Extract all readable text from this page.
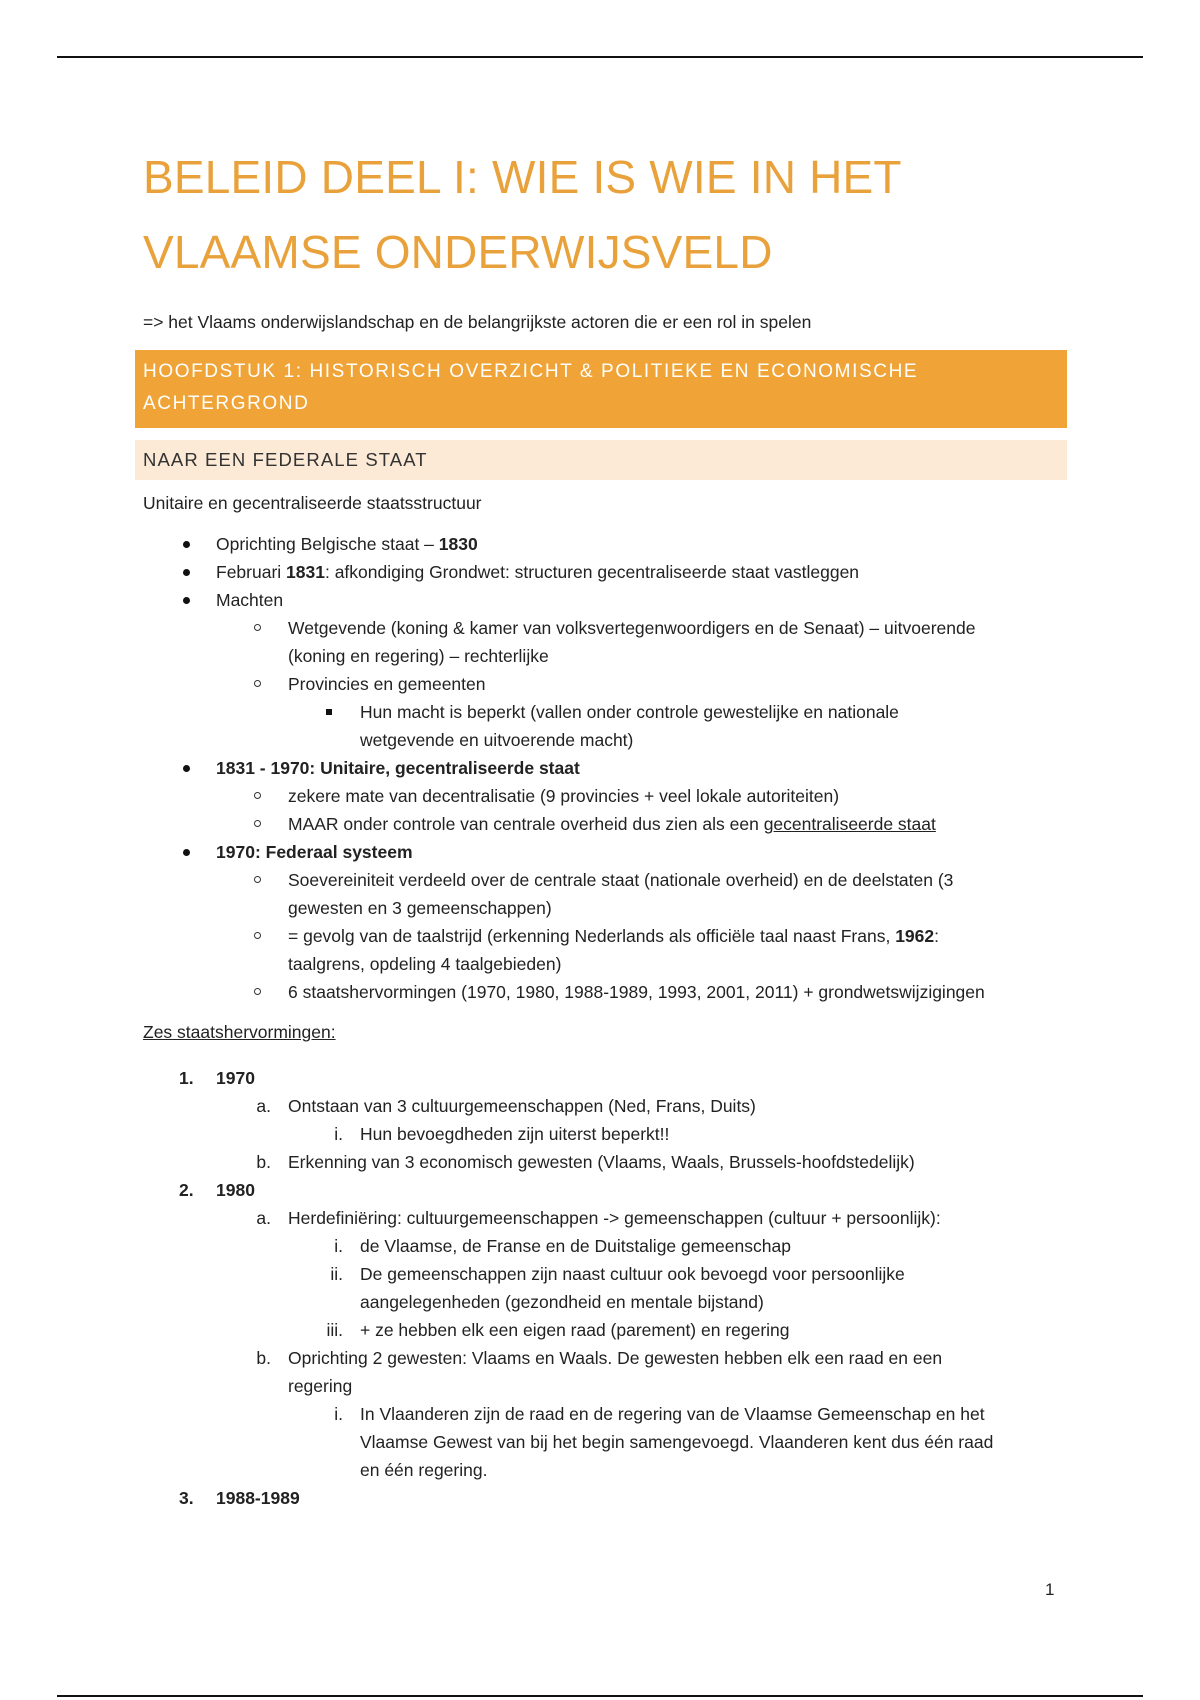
BELEID DEEL I: WIE IS WIE IN HET
VLAAMSE ONDERWIJSVELD

=> het Vlaams onderwijslandschap en de belangrijkste actoren die er een rol in spelen

HOOFDSTUK 1: HISTORISCH OVERZICHT & POLITIEKE EN ECONOMISCHE
ACHTERGROND
NAAR EEN FEDERALE STAAT

Unitaire en gecentraliseerde staatsstructuur

Oprichting Belgische staat – 1830
Februari 1831: afkondiging Grondwet: structuren gecentraliseerde staat vastleggen
Machten
Wetgevende (koning & kamer van volksvertegenwoordigers en de Senaat) – uitvoerende
(koning en regering) – rechterlijke
Provincies en gemeenten
Hun macht is beperkt (vallen onder controle gewestelijke en nationale
wetgevende en uitvoerende macht)
1831 - 1970: Unitaire, gecentraliseerde staat
zekere mate van decentralisatie (9 provincies + veel lokale autoriteiten)
MAAR onder controle van centrale overheid dus zien als een gecentraliseerde staat
1970: Federaal systeem
Soevereiniteit verdeeld over de centrale staat (nationale overheid) en de deelstaten (3
gewesten en 3 gemeenschappen)
= gevolg van de taalstrijd (erkenning Nederlands als officiële taal naast Frans, 1962:
taalgrens, opdeling 4 taalgebieden)
6 staatshervormingen (1970, 1980, 1988-1989, 1993, 2001, 2011) + grondwetswijzigingen

Zes staatshervormingen:

1. 1970
a. Ontstaan van 3 cultuurgemeenschappen (Ned, Frans, Duits)
i. Hun bevoegdheden zijn uiterst beperkt!!
b. Erkenning van 3 economisch gewesten (Vlaams, Waals, Brussels-hoofdstedelijk)
2. 1980
a. Herdefiniëring: cultuurgemeenschappen -> gemeenschappen (cultuur + persoonlijk):
i. de Vlaamse, de Franse en de Duitstalige gemeenschap
ii. De gemeenschappen zijn naast cultuur ook bevoegd voor persoonlijke
aangelegenheden (gezondheid en mentale bijstand)
iii. + ze hebben elk een eigen raad (parement) en regering
b. Oprichting 2 gewesten: Vlaams en Waals. De gewesten hebben elk een raad en een
regering
i. In Vlaanderen zijn de raad en de regering van de Vlaamse Gemeenschap en het
Vlaamse Gewest van bij het begin samengevoegd. Vlaanderen kent dus één raad
en één regering.
3. 1988-1989
1
